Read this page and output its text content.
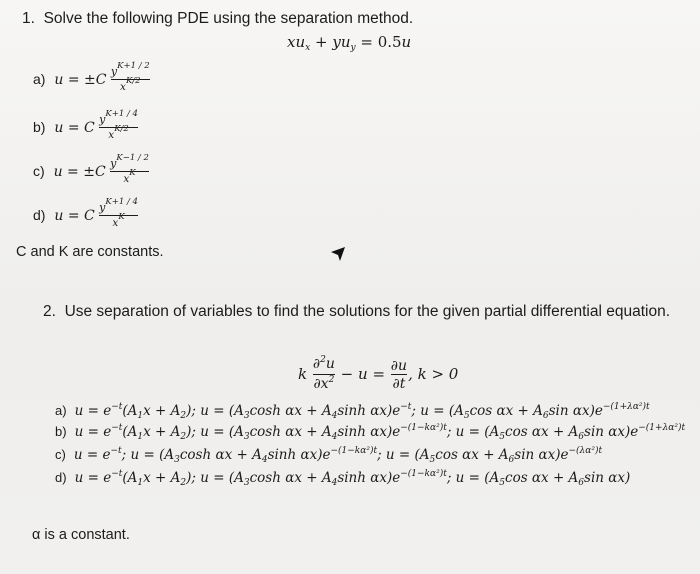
1. Solve the following PDE using the separation method.
$xu_x + yu_y = 0.5u$
a)  $u = \pm C \frac{y^{K+1 / 2}}{x^{K/2}}$
b)  u = C $\frac{y^{K+1 / 4}}{x^{K/2}}$
c)  $u = \pm C \frac{y^{K-1 / 2}}{x^K}$
d)  u = C $\frac{y^{K+1 / 4}}{x^K}$
C and K are constants.
2. Use separation of variables to find the solutions for the given partial differential equation.
k $\frac{\partial^2u}{\partial x^2} - u = \frac{\partial u}{\partial t}$ , k > 0
a)  $u = e^{-t}(A_1x + A_2)$; $u = (A_3\cosh$ $\alpha x + A_4\sinh$ $\alpha x)e^{-t}$; $u = (A_5\cos$ $\alpha x + A_6\sin$ $\alpha x)e^{-(1+\lambda\alpha^2)t}$
b)  $u = e^{-t}(A_1x + A_2)$; $u = (A_3\cosh$ $\alpha x + A_4\sinh$ $\alpha x)e^{-(1-k\alpha^2)t}$; $u = (A_5\cos$ $\alpha x + A_6\sin$ $\alpha x)e^{-(1+\lambda\alpha^2)t}$
c)  $u = e^{-t}$; $u = (A_3\cosh$ $\alpha x + A_4\sinh$ $\alpha x)e^{-(1-k\alpha^2)t}$; $u = (A_5\cos$ $\alpha x + A_6\sin$ $\alpha x)e^{-(\lambda\alpha^2)t}$
d)  $u = e^{-t}(A_1x + A_2)$; $u = (A_3\cosh$ $\alpha x + A_4\sinh$ $\alpha x)e^{-(1-k\alpha^2)t}$; $u = (A_5\cos$ $\alpha x + A_6\sin$ αx)
α is a constant.
